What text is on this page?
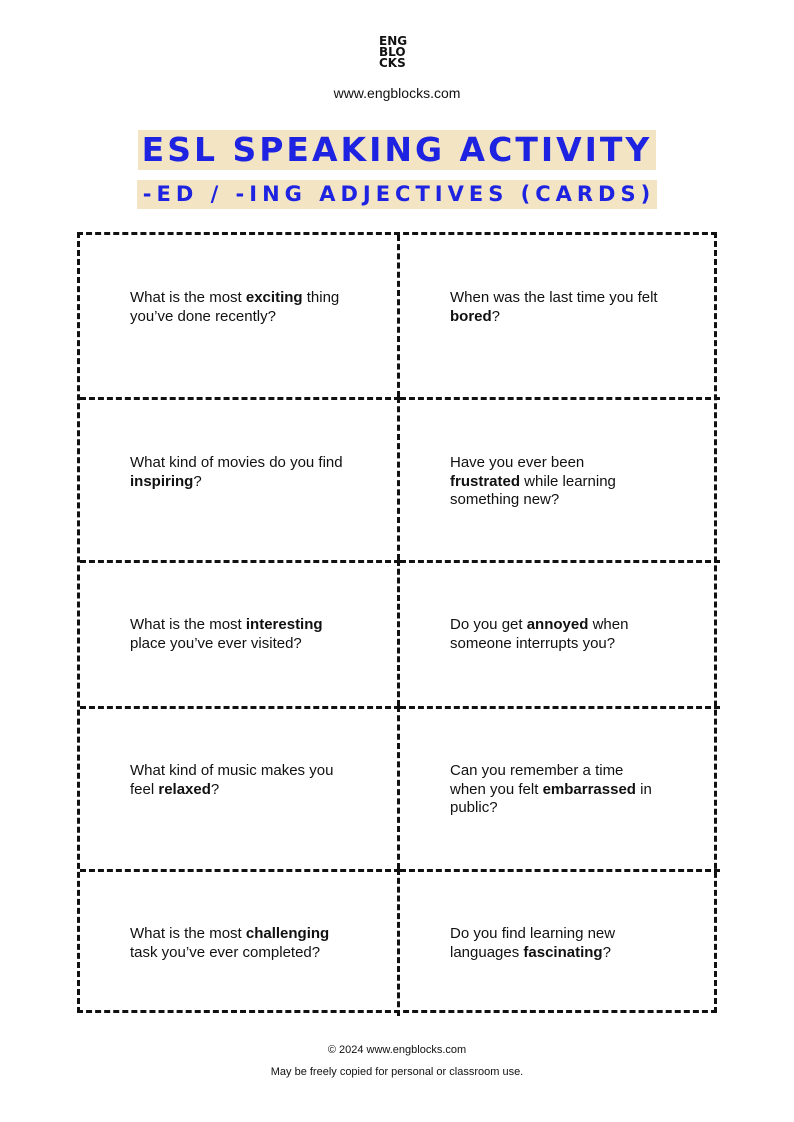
ENG
BLO
CKS
www.engblocks.com
ESL SPEAKING ACTIVITY
-ED / -ING ADJECTIVES (CARDS)
What is the most exciting thing you’ve done recently?
When was the last time you felt bored?
What kind of movies do you find inspiring?
Have you ever been frustrated while learning something new?
What is the most interesting place you’ve ever visited?
Do you get annoyed when someone interrupts you?
What kind of music makes you feel relaxed?
Can you remember a time when you felt embarrassed in public?
What is the most challenging task you’ve ever completed?
Do you find learning new languages fascinating?
© 2024 www.engblocks.com
May be freely copied for personal or classroom use.
